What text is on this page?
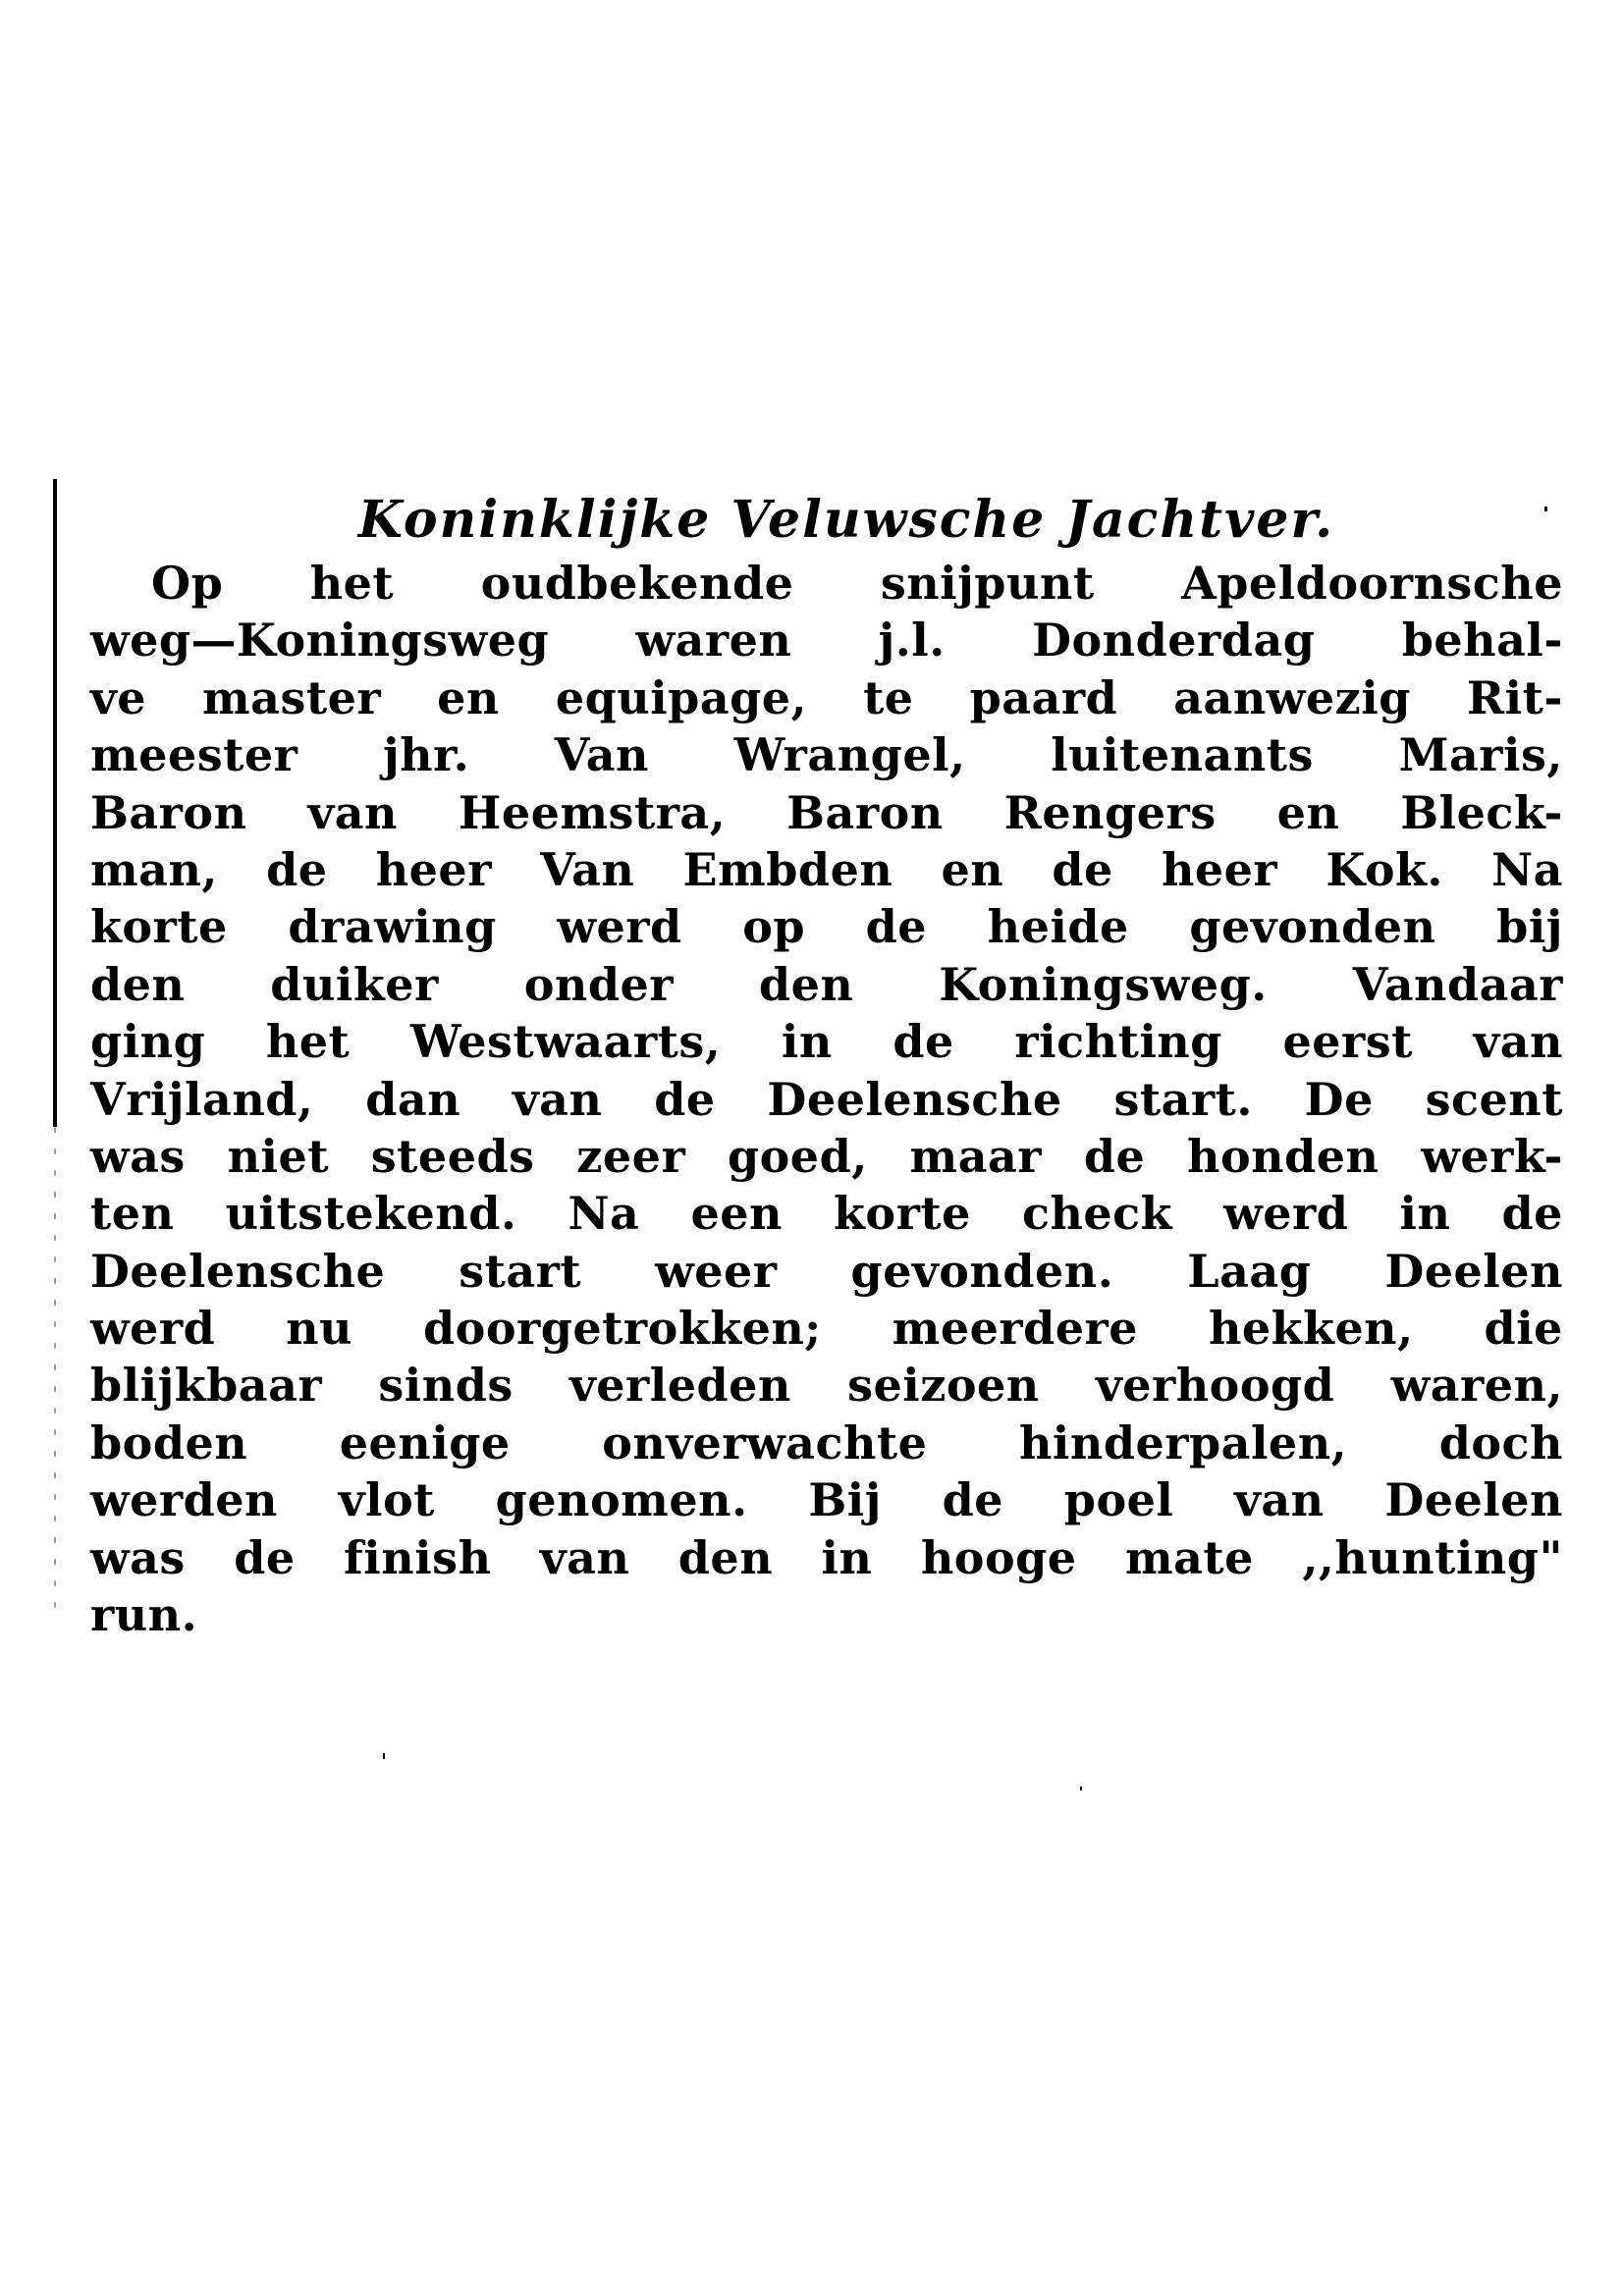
Koninklijke Veluwsche Jachtver.
Op het oudbekende snijpunt Apeldoornsche
weg—Koningsweg waren j.l. Donderdag behal-
ve master en equipage, te paard aanwezig Rit-
meester jhr. Van Wrangel, luitenants Maris,
Baron van Heemstra, Baron Rengers en Bleck-
man, de heer Van Embden en de heer Kok. Na
korte drawing werd op de heide gevonden bij
den duiker onder den Koningsweg. Vandaar
ging het Westwaarts, in de richting eerst van
Vrijland, dan van de Deelensche start. De scent
was niet steeds zeer goed, maar de honden werk-
ten uitstekend. Na een korte check werd in de
Deelensche start weer gevonden. Laag Deelen
werd nu doorgetrokken; meerdere hekken, die
blijkbaar sinds verleden seizoen verhoogd waren,
boden eenige onverwachte hinderpalen, doch
werden vlot genomen. Bij de poel van Deelen
was de finish van den in hooge mate ,,hunting"
run.
